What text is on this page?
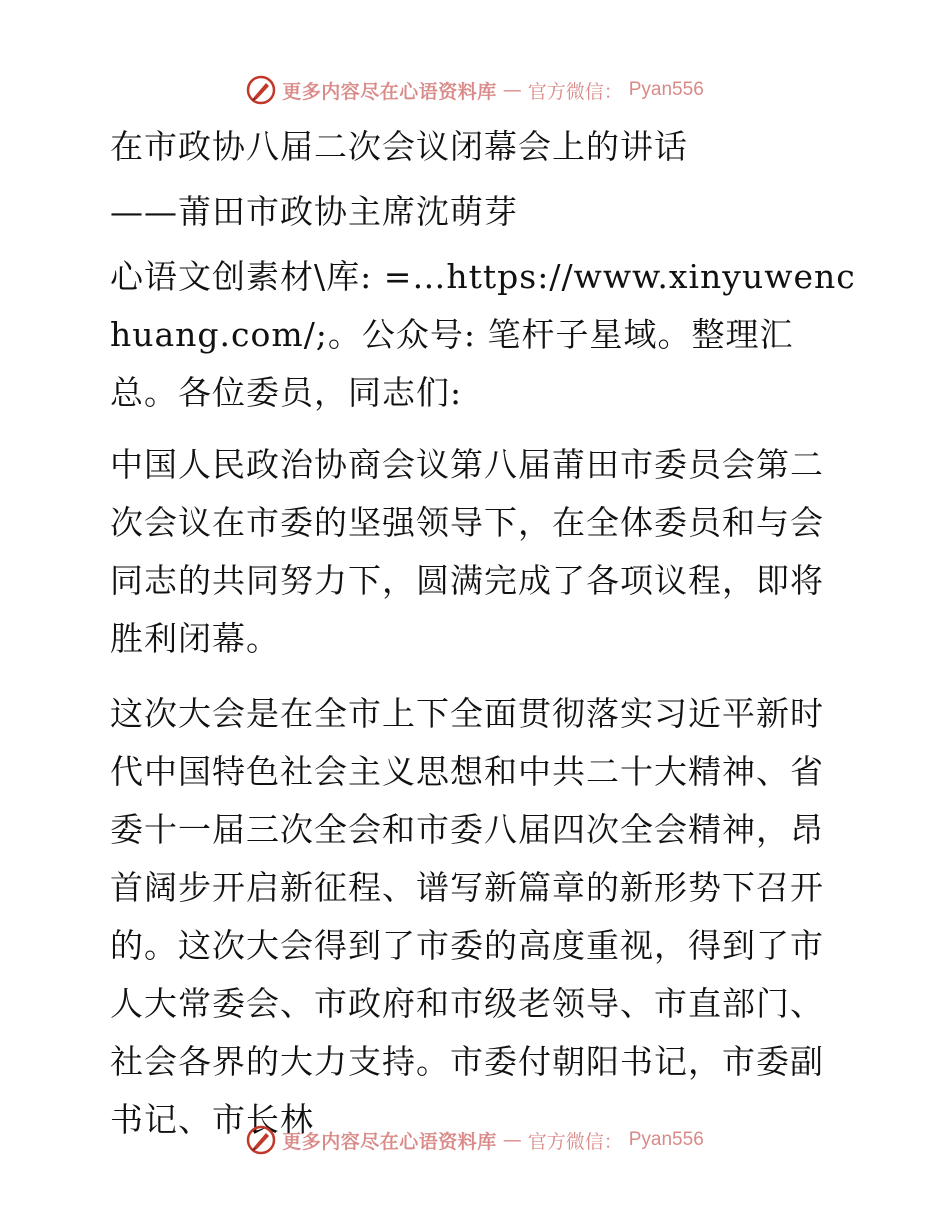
更多内容尽在心语资料库 — 官方微信： Pyan556

在市政协八届二次会议闭幕会上的讲话

——莆田市政协主席沈萌芽

心语文创素材\库: =…https://www.xinyuwenchuang.com/;。公众号: 笔杆子星域。整理汇总。各位委员，同志们:

中国人民政治协商会议第八届莆田市委员会第二次会议在市委的坚强领导下，在全体委员和与会同志的共同努力下，圆满完成了各项议程，即将胜利闭幕。

这次大会是在全市上下全面贯彻落实习近平新时代中国特色社会主义思想和中共二十大精神、省委十一届三次全会和市委八届四次全会精神，昂首阔步开启新征程、谱写新篇章的新形势下召开的。这次大会得到了市委的高度重视，得到了市人大常委会、市政府和市级老领导、市直部门、社会各界的大力支持。市委付朝阳书记，市委副书记、市长林

更多内容尽在心语资料库 — 官方微信： Pyan556
